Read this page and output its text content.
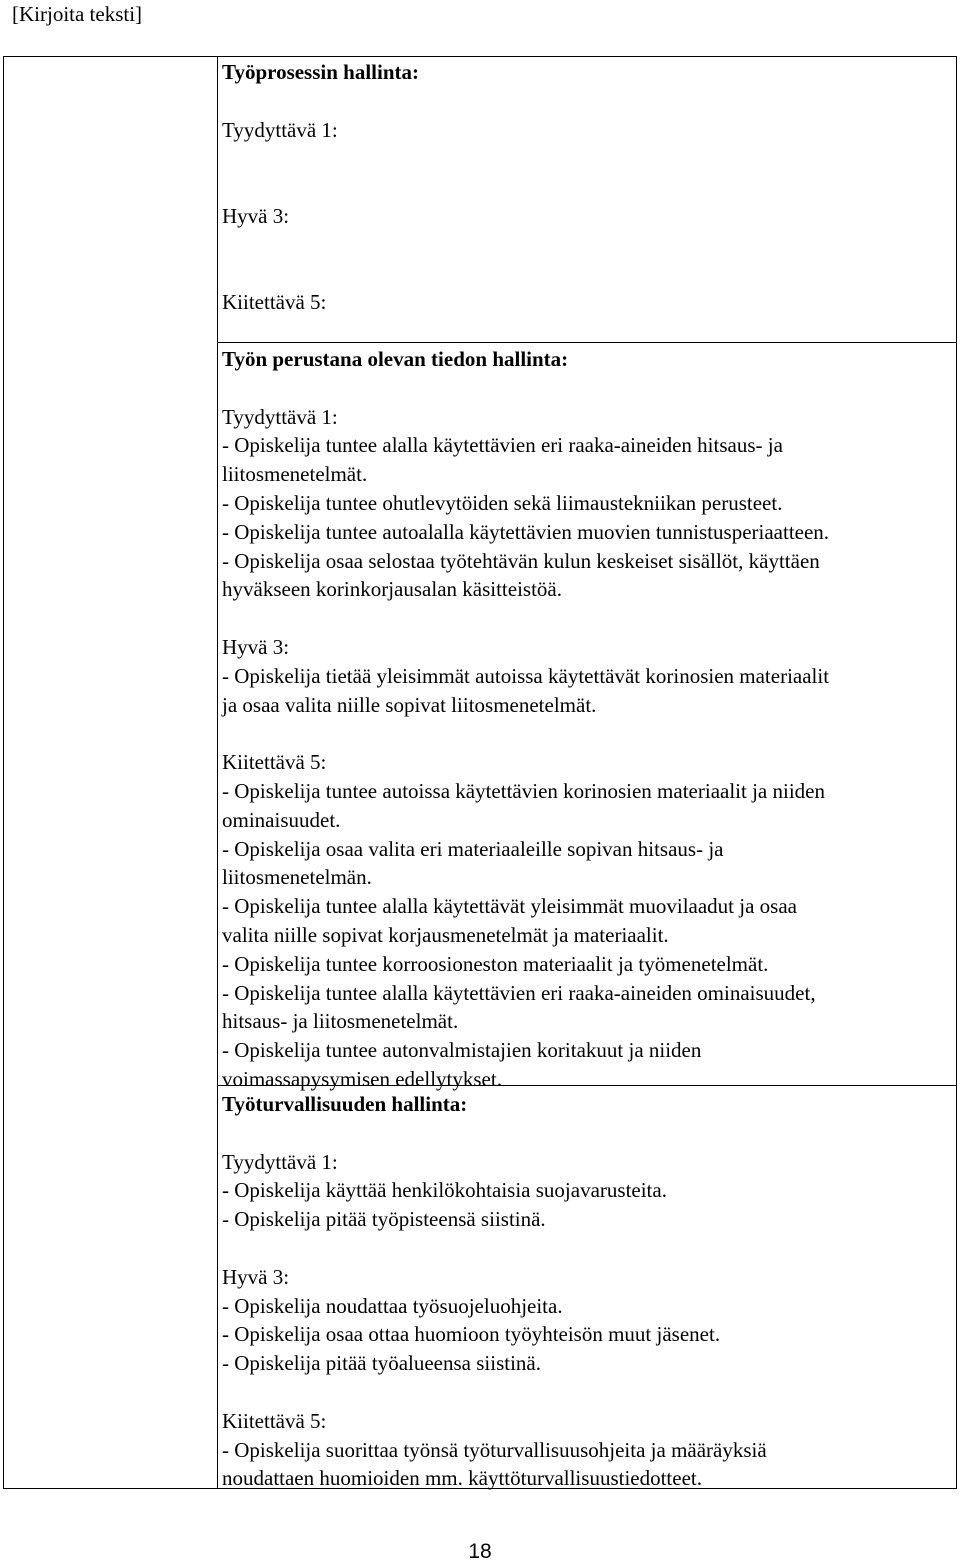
[Kirjoita teksti]
Työprosessin hallinta:
Tyydyttävä 1:
Hyvä 3:
Kiitettävä 5:
Työn perustana olevan tiedon hallinta:
Tyydyttävä 1:
- Opiskelija tuntee alalla käytettävien eri raaka-aineiden hitsaus- ja
liitosmenetelmät.
- Opiskelija tuntee ohutlevytöiden sekä liimaustekniikan perusteet.
- Opiskelija tuntee autoalalla käytettävien muovien tunnistusperiaatteen.
- Opiskelija osaa selostaa työtehtävän kulun keskeiset sisällöt, käyttäen
hyväkseen korinkorjausalan käsitteistöä.
Hyvä 3:
- Opiskelija tietää yleisimmät autoissa käytettävät korinosien materiaalit
ja osaa valita niille sopivat liitosmenetelmät.
Kiitettävä 5:
- Opiskelija tuntee autoissa käytettävien korinosien materiaalit ja niiden
ominaisuudet.
- Opiskelija osaa valita eri materiaaleille sopivan hitsaus- ja
liitosmenetelmän.
- Opiskelija tuntee alalla käytettävät yleisimmät muovilaadut ja osaa
valita niille sopivat korjausmenetelmät ja materiaalit.
- Opiskelija tuntee korroosioneston materiaalit ja työmenetelmät.
- Opiskelija tuntee alalla käytettävien eri raaka-aineiden ominaisuudet,
hitsaus- ja liitosmenetelmät.
- Opiskelija tuntee autonvalmistajien koritakuut ja niiden
voimassapysymisen edellytykset.
Työturvallisuuden hallinta:
Tyydyttävä 1:
- Opiskelija käyttää henkilökohtaisia suojavarusteita.
- Opiskelija pitää työpisteensä siistinä.
Hyvä 3:
- Opiskelija noudattaa työsuojeluohjeita.
- Opiskelija osaa ottaa huomioon työyhteisön muut jäsenet.
- Opiskelija pitää työalueensa siistinä.
Kiitettävä 5:
- Opiskelija suorittaa työnsä työturvallisuusohjeita ja määräyksiä
noudattaen huomioiden mm. käyttöturvallisuustiedotteet.
18
